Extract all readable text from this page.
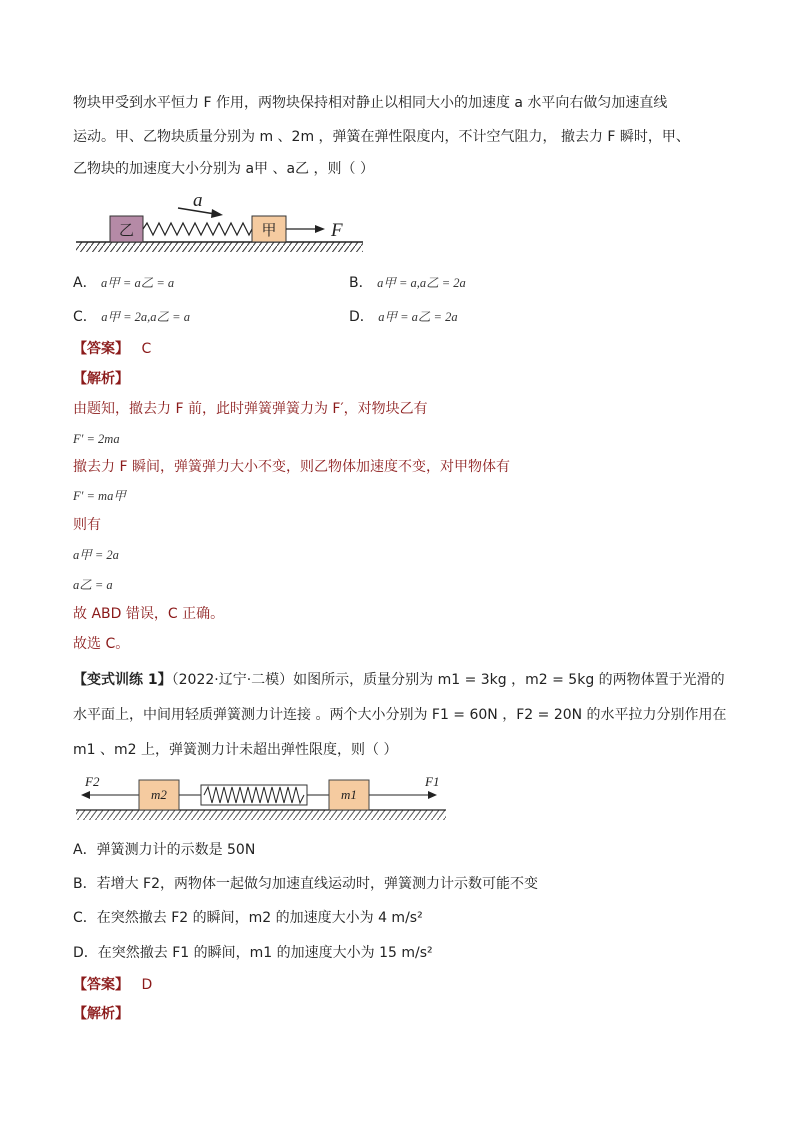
物块甲受到水平恒力 F 作用，两物块保持相对静止以相同大小的加速度 a 水平向右做匀加速直线
运动。甲、乙物块质量分别为 m 、2m ，弹簧在弹性限度内，不计空气阻力， 撤去力 F 瞬时，甲、
乙物块的加速度大小分别为 a甲 、a乙 ，则（ ）
乙	甲	F
a
A． a甲 = a乙 = a	B． a甲 = a,a乙 = 2a
C． a甲 = 2a,a乙 = a	D． a甲 = a乙 = 2a
【答案】 C
【解析】
由题知，撤去力 F 前，此时弹簧弹簧力为 F′，对物块乙有
F′ = 2ma
撤去力 F 瞬间，弹簧弹力大小不变，则乙物体加速度不变，对甲物体有
F′ = ma甲
则有
a甲 = 2a
a乙 = a
故 ABD 错误，C 正确。
故选 C。
【变式训练 1】（2022·辽宁·二模）如图所示，质量分别为 m1 = 3kg ，m2 = 5kg 的两物体置于光滑的
水平面上，中间用轻质弹簧测力计连接 。两个大小分别为 F1 = 60N ，F2 = 20N 的水平拉力分别作用在
m1 、m2 上，弹簧测力计未超出弹性限度，则（ ）
F2
m2	m1
F1
A．弹簧测力计的示数是 50N
B．若增大 F2，两物体一起做匀加速直线运动时，弹簧测力计示数可能不变
C．在突然撤去 F2 的瞬间，m2 的加速度大小为 4 m/s²
D．在突然撤去 F1 的瞬间，m1 的加速度大小为 15 m/s²
【答案】 D
【解析】
